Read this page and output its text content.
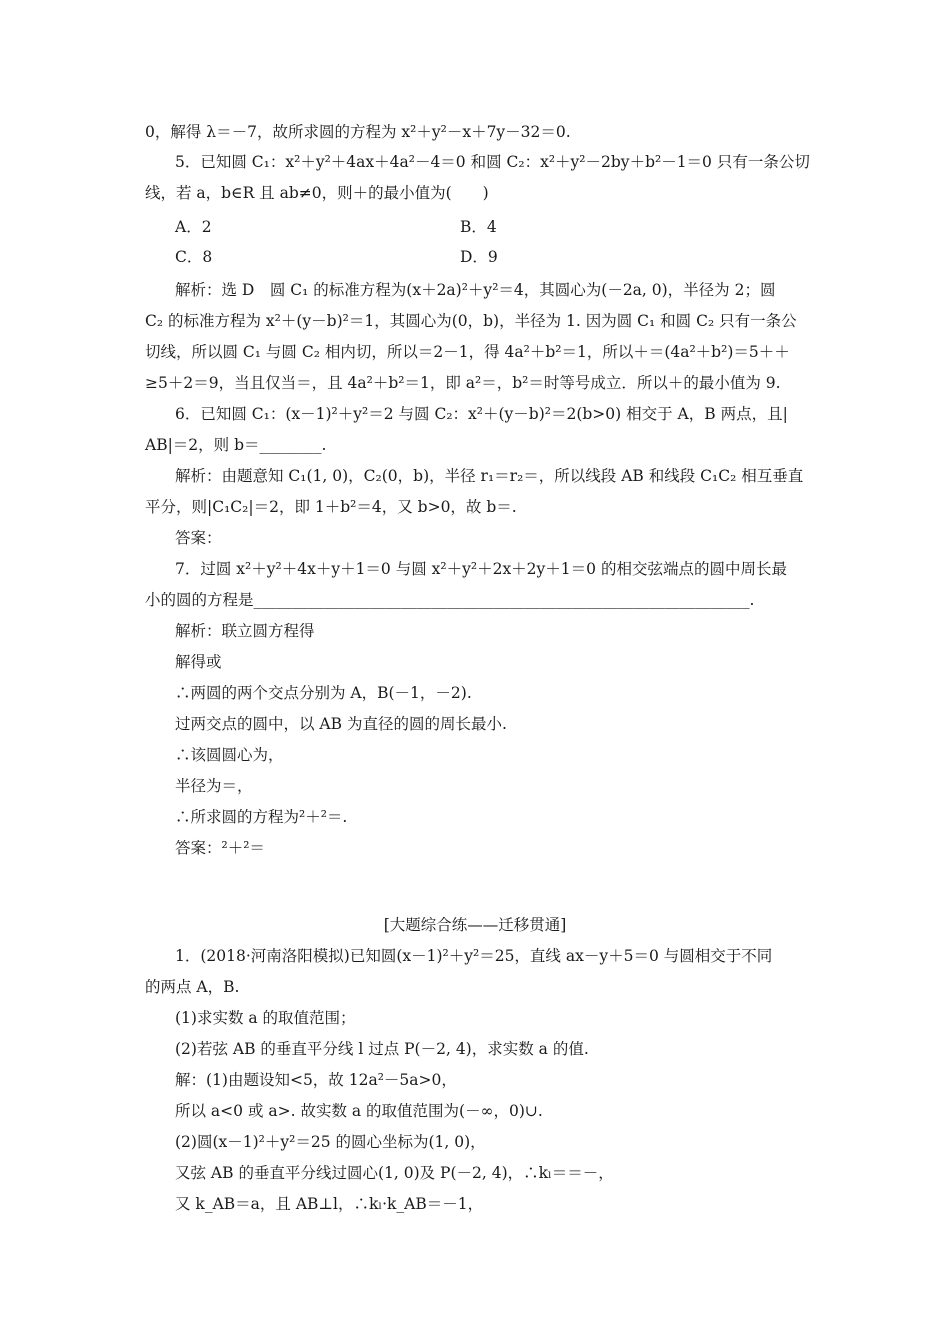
0，解得 λ＝－7，故所求圆的方程为 x²＋y²－x＋7y－32＝0.
5．已知圆 C₁：x²＋y²＋4ax＋4a²－4＝0 和圆 C₂：x²＋y²－2by＋b²－1＝0 只有一条公切
线，若 a，b∈R 且 ab≠0，则＋的最小值为(　　)
A．2	B．4
C．8	D．9
解析：选 D　圆 C₁ 的标准方程为(x＋2a)²＋y²＝4，其圆心为(－2a, 0)，半径为 2；圆
C₂ 的标准方程为 x²＋(y－b)²＝1，其圆心为(0，b)，半径为 1. 因为圆 C₁ 和圆 C₂ 只有一条公
切线，所以圆 C₁ 与圆 C₂ 相内切，所以＝2－1，得 4a²＋b²＝1，所以＋＝(4a²＋b²)＝5＋＋
≥5＋2＝9，当且仅当＝，且 4a²＋b²＝1，即 a²＝，b²＝时等号成立．所以＋的最小值为 9.
6．已知圆 C₁：(x－1)²＋y²＝2 与圆 C₂：x²＋(y－b)²＝2(b>0) 相交于 A，B 两点，且|
AB|＝2，则 b＝________.
解析：由题意知 C₁(1, 0)，C₂(0，b)，半径 r₁＝r₂＝，所以线段 AB 和线段 C₁C₂ 相互垂直
平分，则|C₁C₂|＝2，即 1＋b²＝4，又 b>0，故 b＝.
答案：
7．过圆 x²＋y²＋4x＋y＋1＝0 与圆 x²＋y²＋2x＋2y＋1＝0 的相交弦端点的圆中周长最
小的圆的方程是________________________________________________________________.
解析：联立圆方程得
解得或
∴两圆的两个交点分别为 A，B(－1，－2).
过两交点的圆中，以 AB 为直径的圆的周长最小.
∴该圆圆心为，
半径为＝，
∴所求圆的方程为²＋²＝.
答案：²＋²＝
[大题综合练——迁移贯通]
1．(2018·河南洛阳模拟)已知圆(x－1)²＋y²＝25，直线 ax－y＋5＝0 与圆相交于不同
的两点 A，B.
(1)求实数 a 的取值范围；
(2)若弦 AB 的垂直平分线 l 过点 P(－2, 4)，求实数 a 的值.
解：(1)由题设知<5，故 12a²－5a>0，
所以 a<0 或 a>. 故实数 a 的取值范围为(－∞，0)∪.
(2)圆(x－1)²＋y²＝25 的圆心坐标为(1, 0)，
又弦 AB 的垂直平分线过圆心(1, 0)及 P(－2, 4)，∴kₗ＝＝－，
又 k_AB＝a，且 AB⊥l，∴kₗ·k_AB＝－1，
